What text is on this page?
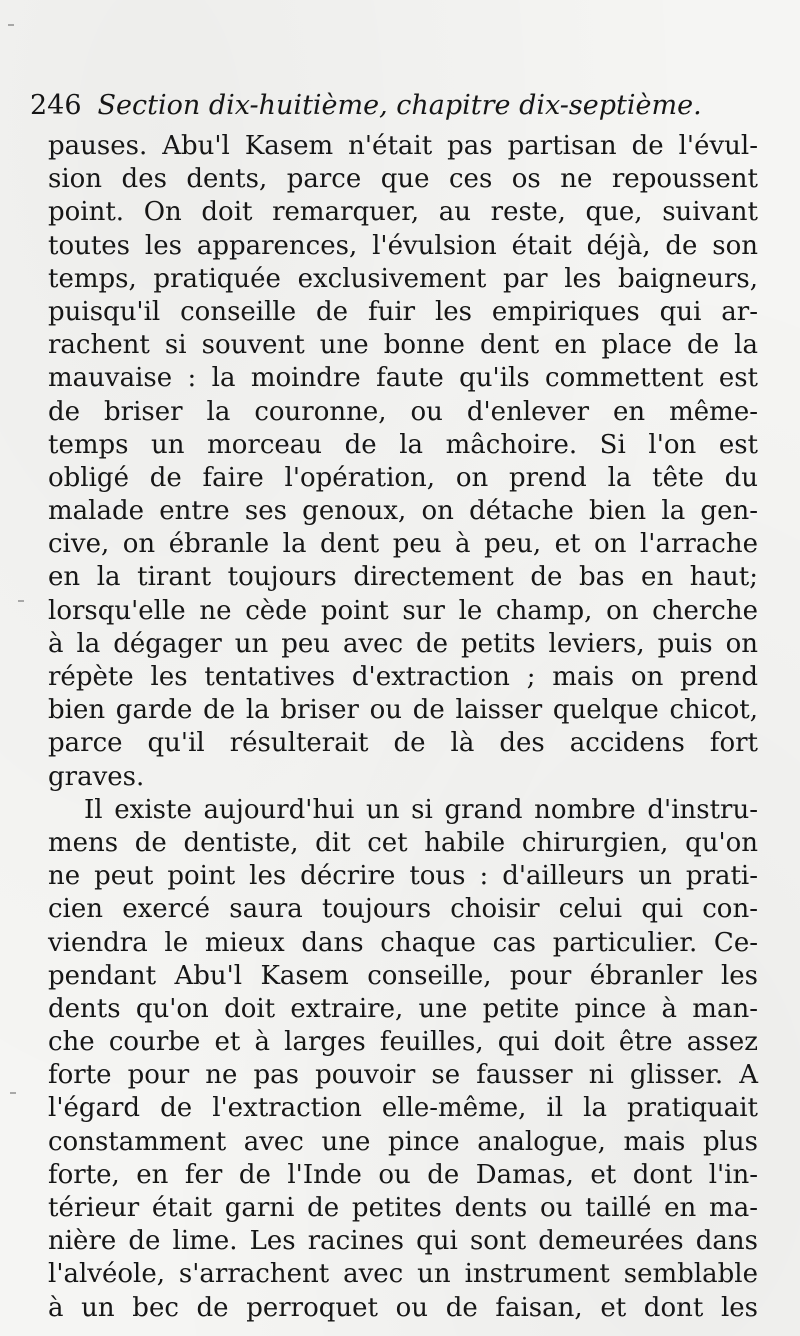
246 Section dix-huitième, chapitre dix-septième.
pauses. Abu'l Kasem n'était pas partisan de l'évul-
sion des dents, parce que ces os ne repoussent
point. On doit remarquer, au reste, que, suivant
toutes les apparences, l'évulsion était déjà, de son
temps, pratiquée exclusivement par les baigneurs,
puisqu'il conseille de fuir les empiriques qui ar-
rachent si souvent une bonne dent en place de la
mauvaise : la moindre faute qu'ils commettent est
de briser la couronne, ou d'enlever en même-
temps un morceau de la mâchoire. Si l'on est
obligé de faire l'opération, on prend la tête du
malade entre ses genoux, on détache bien la gen-
cive, on ébranle la dent peu à peu, et on l'arrache
en la tirant toujours directement de bas en haut;
lorsqu'elle ne cède point sur le champ, on cherche
à la dégager un peu avec de petits leviers, puis on
répète les tentatives d'extraction ; mais on prend
bien garde de la briser ou de laisser quelque chicot,
parce qu'il résulterait de là des accidens fort
graves.
Il existe aujourd'hui un si grand nombre d'instru-
mens de dentiste, dit cet habile chirurgien, qu'on
ne peut point les décrire tous : d'ailleurs un prati-
cien exercé saura toujours choisir celui qui con-
viendra le mieux dans chaque cas particulier. Ce-
pendant Abu'l Kasem conseille, pour ébranler les
dents qu'on doit extraire, une petite pince à man-
che courbe et à larges feuilles, qui doit être assez
forte pour ne pas pouvoir se fausser ni glisser. A
l'égard de l'extraction elle-même, il la pratiquait
constamment avec une pince analogue, mais plus
forte, en fer de l'Inde ou de Damas, et dont l'in-
térieur était garni de petites dents ou taillé en ma-
nière de lime. Les racines qui sont demeurées dans
l'alvéole, s'arrachent avec un instrument semblable
à un bec de perroquet ou de faisan, et dont les
